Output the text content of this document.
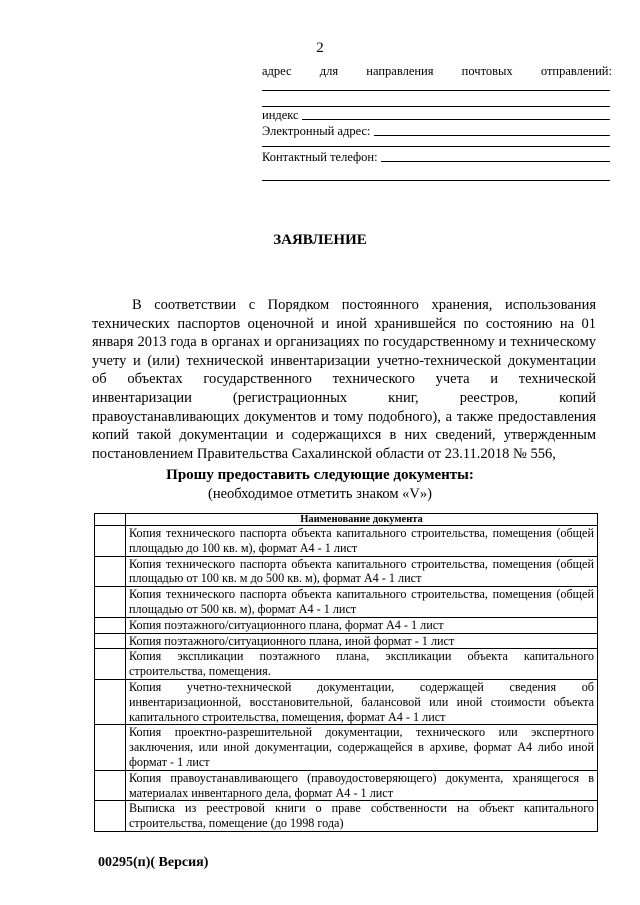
2
адрес для направления почтовых отправлений:
индекс
Электронный адрес:
Контактный телефон:
ЗАЯВЛЕНИЕ

В соответствии с Порядком постоянного хранения, использования технических паспортов оценочной и иной хранившейся по состоянию на 01 января 2013 года в органах и организациях по государственному и техническому учету и (или) технической инвентаризации учетно-технической документации об объектах государственного технического учета и технической инвентаризации (регистрационных книг, реестров, копий правоустанавливающих документов и тому подобного), а также предоставления копий такой документации и содержащихся в них сведений, утвержденным постановлением Правительства Сахалинской области от 23.11.2018 № 556,

Прошу предоставить следующие документы:
(необходимое отметить знаком «V»)
	Наименование документа
	Копия технического паспорта объекта капитального строительства, помещения (общей площадью до 100 кв. м), формат А4 - 1 лист
	Копия технического паспорта объекта капитального строительства, помещения (общей площадью от 100 кв. м до 500 кв. м), формат А4 - 1 лист
	Копия технического паспорта объекта капитального строительства, помещения (общей площадью от 500 кв. м), формат А4 - 1 лист
	Копия поэтажного/ситуационного плана, формат А4 - 1 лист
	Копия поэтажного/ситуационного плана, иной формат - 1 лист
	Копия экспликации поэтажного плана, экспликации объекта капитального строительства, помещения.
	Копия учетно-технической документации, содержащей сведения об инвентаризационной, восстановительной, балансовой или иной стоимости объекта капитального строительства, помещения, формат А4 - 1 лист
	Копия проектно-разрешительной документации, технического или экспертного заключения, или иной документации, содержащейся в архиве, формат А4 либо иной формат - 1 лист
	Копия правоустанавливающего (правоудостоверяющего) документа, хранящегося в материалах инвентарного дела, формат А4 - 1 лист
	Выписка из реестровой книги о праве собственности на объект капитального строительства, помещение (до 1998 года)
00295(п)( Версия)
